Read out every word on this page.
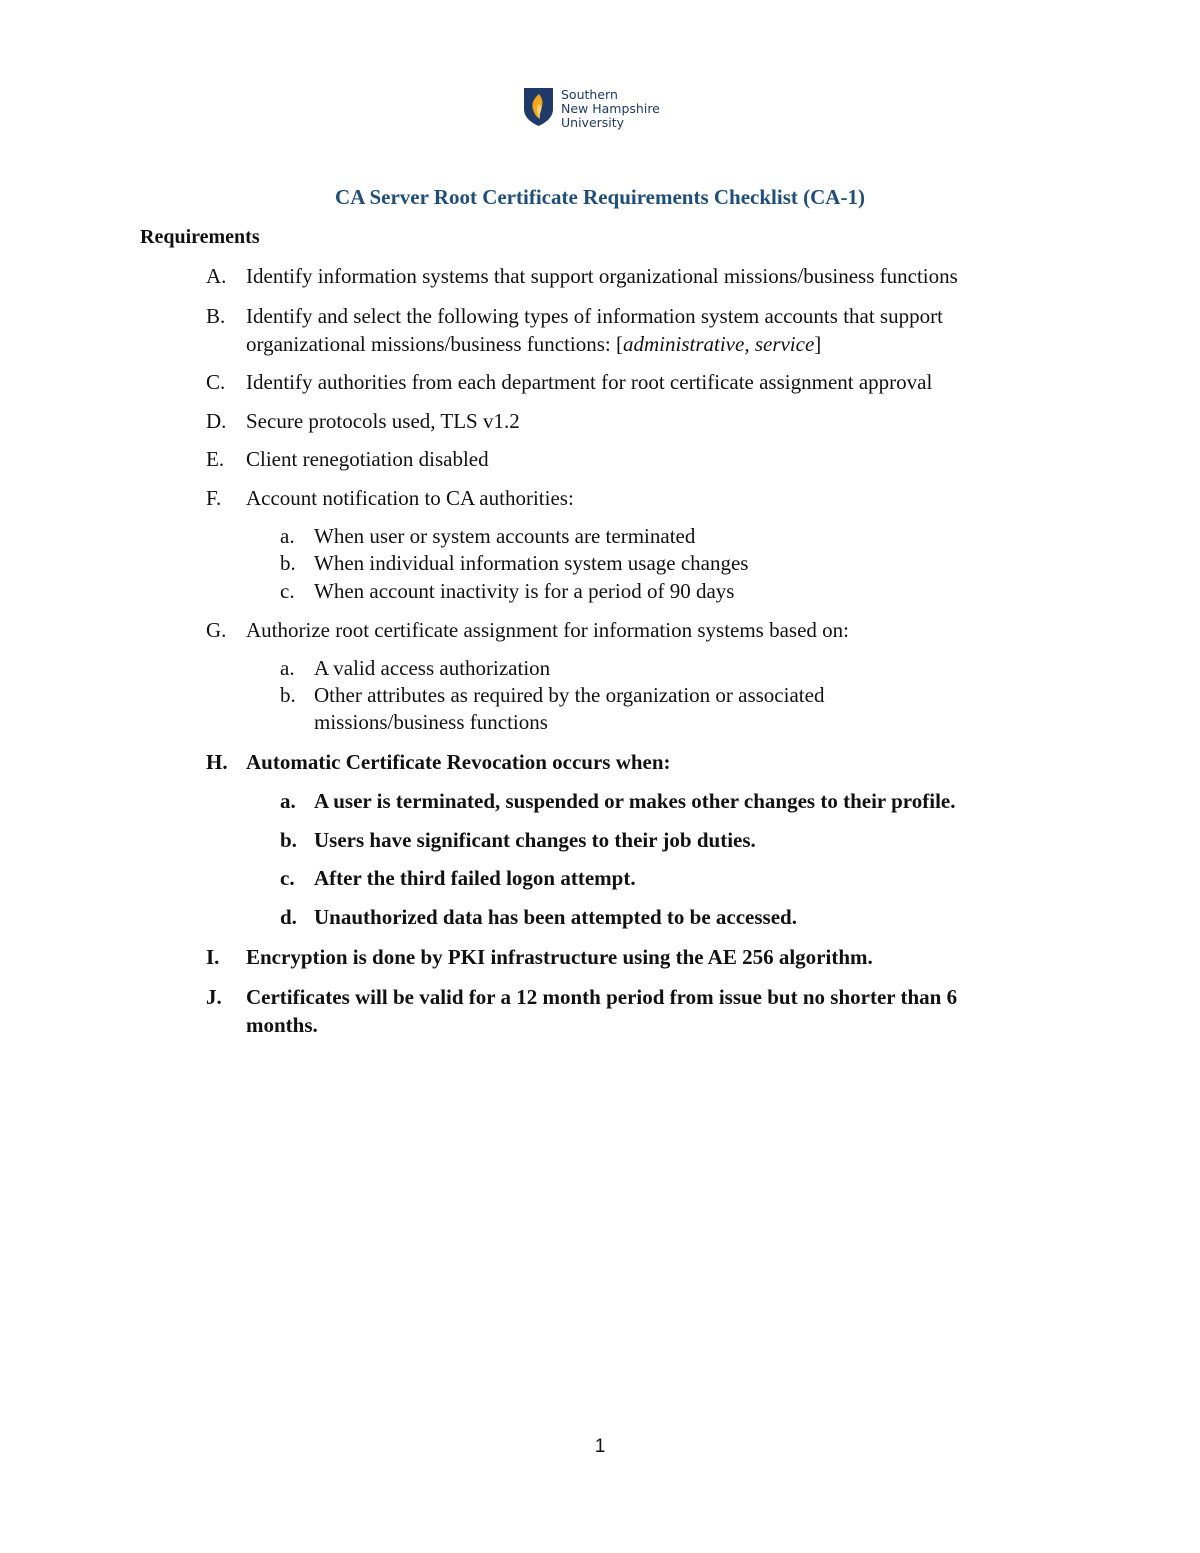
Southern
New Hampshire
University
CA Server Root Certificate Requirements Checklist (CA-1)
Requirements
A. Identify information systems that support organizational missions/business functions
B. Identify and select the following types of information system accounts that support
organizational missions/business functions: [administrative, service]
C. Identify authorities from each department for root certificate assignment approval
D. Secure protocols used, TLS v1.2
E. Client renegotiation disabled
F. Account notification to CA authorities:
a. When user or system accounts are terminated
b. When individual information system usage changes
c. When account inactivity is for a period of 90 days
G. Authorize root certificate assignment for information systems based on:
a. A valid access authorization
b. Other attributes as required by the organization or associated
missions/business functions
H. Automatic Certificate Revocation occurs when:
a. A user is terminated, suspended or makes other changes to their profile.
b. Users have significant changes to their job duties.
c. After the third failed logon attempt.
d. Unauthorized data has been attempted to be accessed.
I. Encryption is done by PKI infrastructure using the AE 256 algorithm.
J. Certificates will be valid for a 12 month period from issue but no shorter than 6
months.
1
